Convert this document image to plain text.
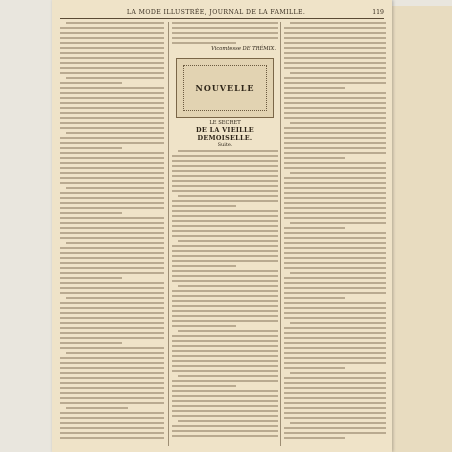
LA MODE ILLUSTRÉE, JOURNAL DE LA FAMILLE.	119
Vicomtesse DE TRÉMIX.
NOUVELLE
LE SECRET
DE LA VIEILLE DEMOISELLE.
Suite.
